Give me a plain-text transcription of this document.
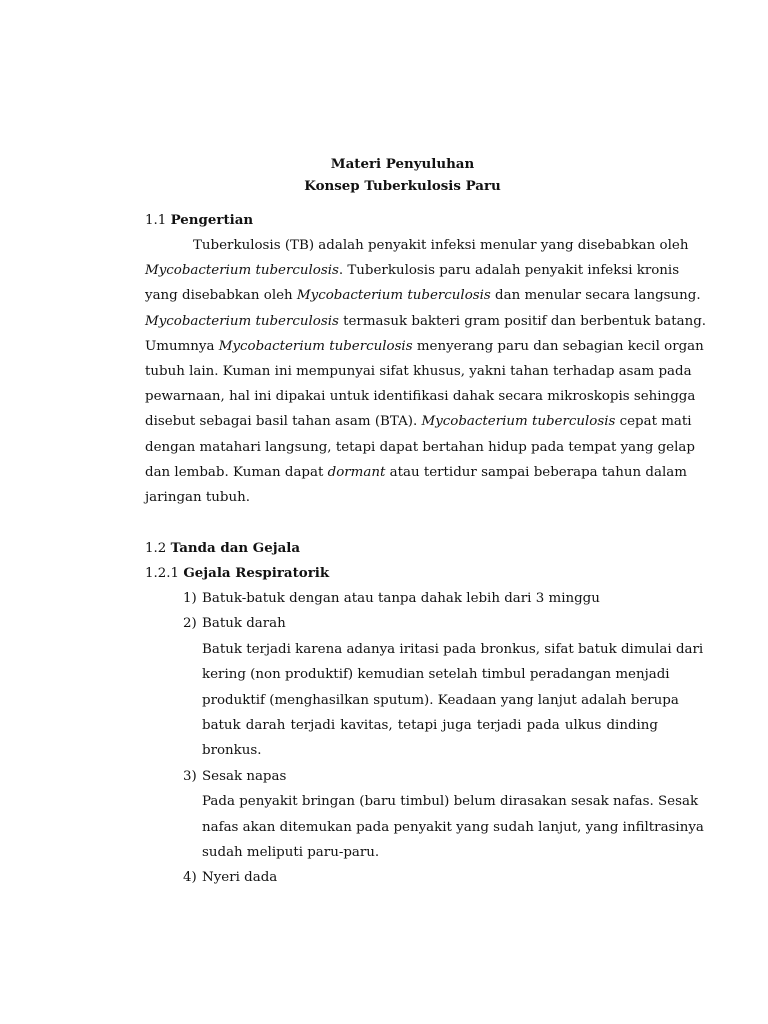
Materi Penyuluhan
Konsep Tuberkulosis Paru
1.1 Pengertian
Tuberkulosis (TB) adalah penyakit infeksi menular yang disebabkan oleh
Mycobacterium tuberculosis. Tuberkulosis paru adalah penyakit infeksi kronis
yang disebabkan oleh Mycobacterium tuberculosis dan menular secara langsung.
Mycobacterium tuberculosis termasuk bakteri gram positif dan berbentuk batang.
Umumnya Mycobacterium tuberculosis menyerang paru dan sebagian kecil organ
tubuh lain. Kuman ini mempunyai sifat khusus, yakni tahan terhadap asam pada
pewarnaan, hal ini dipakai untuk identifikasi dahak secara mikroskopis sehingga
disebut sebagai basil tahan asam (BTA). Mycobacterium tuberculosis cepat mati
dengan matahari langsung, tetapi dapat bertahan hidup pada tempat yang gelap
dan lembab. Kuman dapat dormant atau tertidur sampai beberapa tahun dalam
jaringan tubuh.
1.2 Tanda dan Gejala
1.2.1 Gejala Respiratorik
1) Batuk-batuk dengan atau tanpa dahak lebih dari 3 minggu
2) Batuk darah
Batuk terjadi karena adanya iritasi pada bronkus, sifat batuk dimulai dari
kering (non produktif) kemudian setelah timbul peradangan menjadi
produktif (menghasilkan sputum). Keadaan yang lanjut adalah berupa
batuk darah terjadi kavitas, tetapi juga terjadi pada ulkus dinding
bronkus.
3) Sesak napas
Pada penyakit bringan (baru timbul) belum dirasakan sesak nafas. Sesak
nafas akan ditemukan pada penyakit yang sudah lanjut, yang infiltrasinya
sudah meliputi paru-paru.
4) Nyeri dada
